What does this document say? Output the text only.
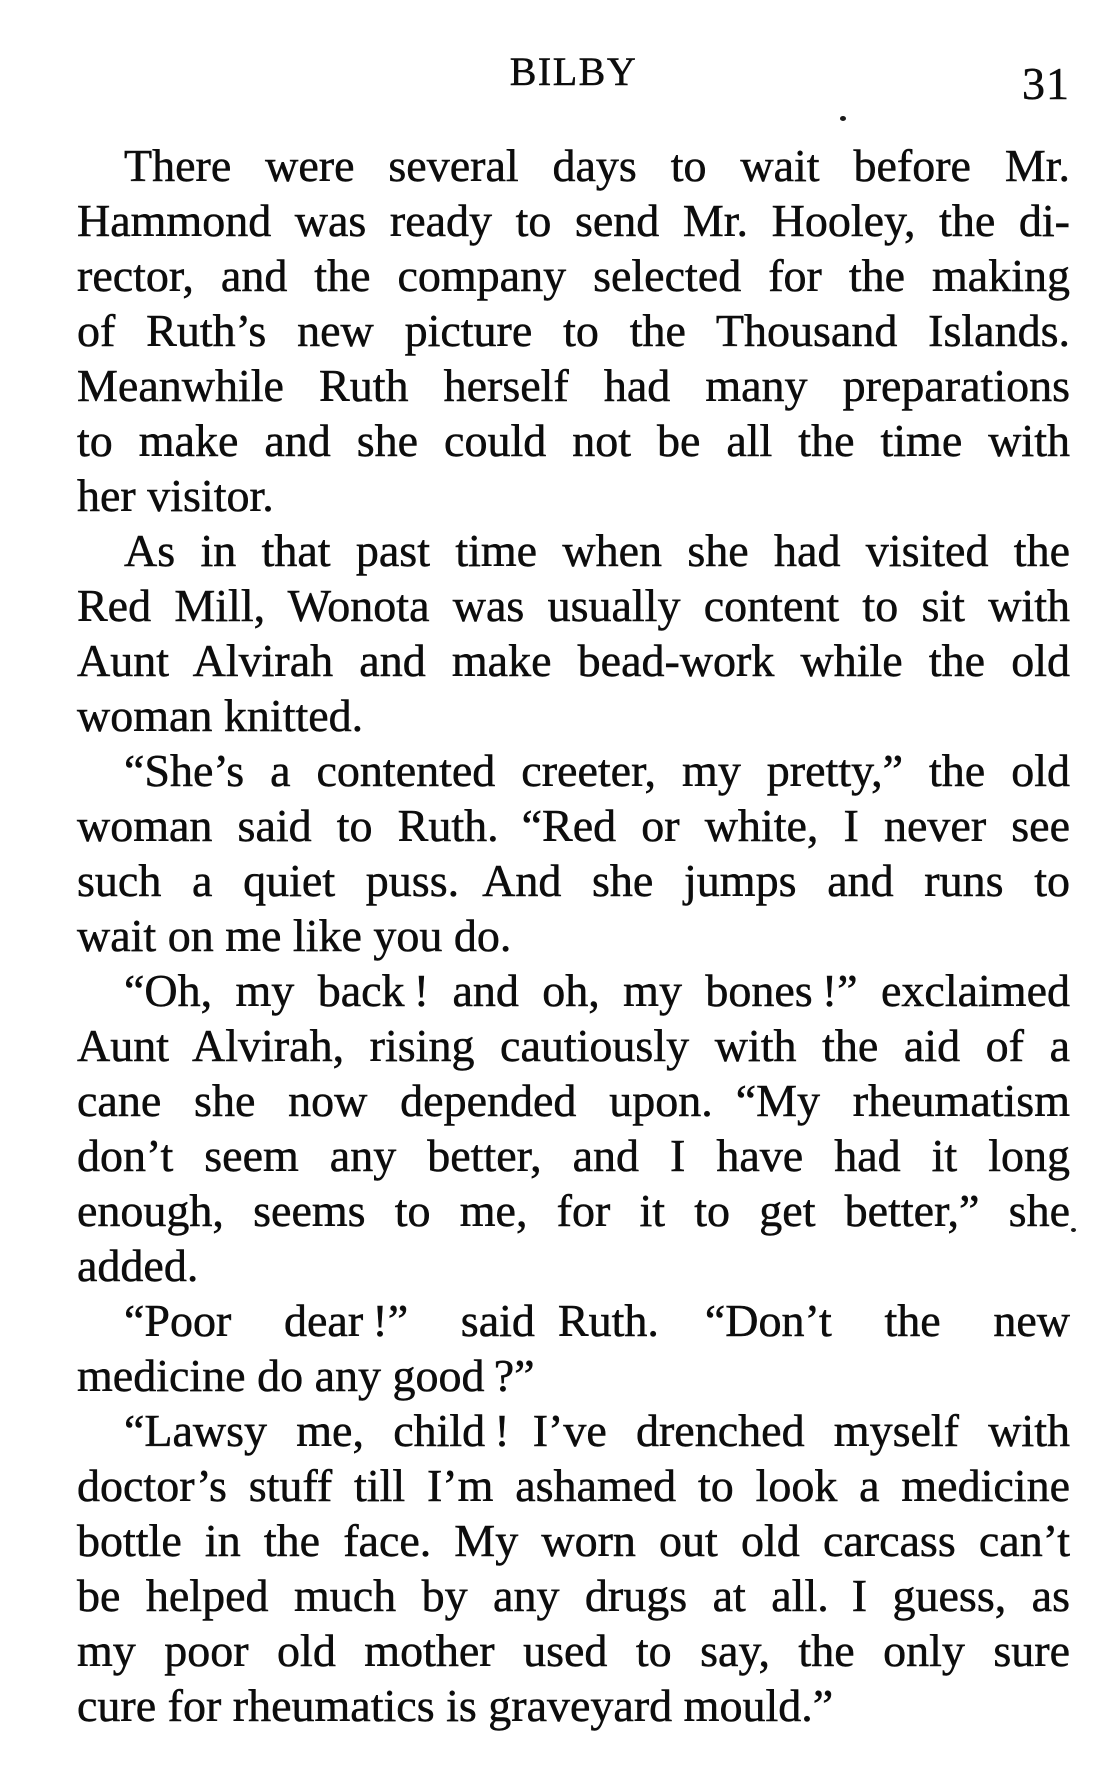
BILBY	31
There were several days to wait before Mr.
Hammond was ready to send Mr. Hooley, the di-
rector, and the company selected for the making
of Ruth’s new picture to the Thousand Islands.
Meanwhile Ruth herself had many preparations
to make and she could not be all the time with
her visitor.
As in that past time when she had visited the
Red Mill, Wonota was usually content to sit with
Aunt Alvirah and make bead-work while the old
woman knitted.
“She’s a contented creeter, my pretty,” the old
woman said to Ruth. “Red or white, I never see
such a quiet puss. And she jumps and runs to
wait on me like you do.
“Oh, my back ! and oh, my bones !” exclaimed
Aunt Alvirah, rising cautiously with the aid of a
cane she now depended upon. “My rheumatism
don’t seem any better, and I have had it long
enough, seems to me, for it to get better,” she
added.
“Poor dear !” said Ruth. “Don’t the new
medicine do any good ?”
“Lawsy me, child ! I’ve drenched myself with
doctor’s stuff till I’m ashamed to look a medicine
bottle in the face. My worn out old carcass can’t
be helped much by any drugs at all. I guess, as
my poor old mother used to say, the only sure
cure for rheumatics is graveyard mould.”
